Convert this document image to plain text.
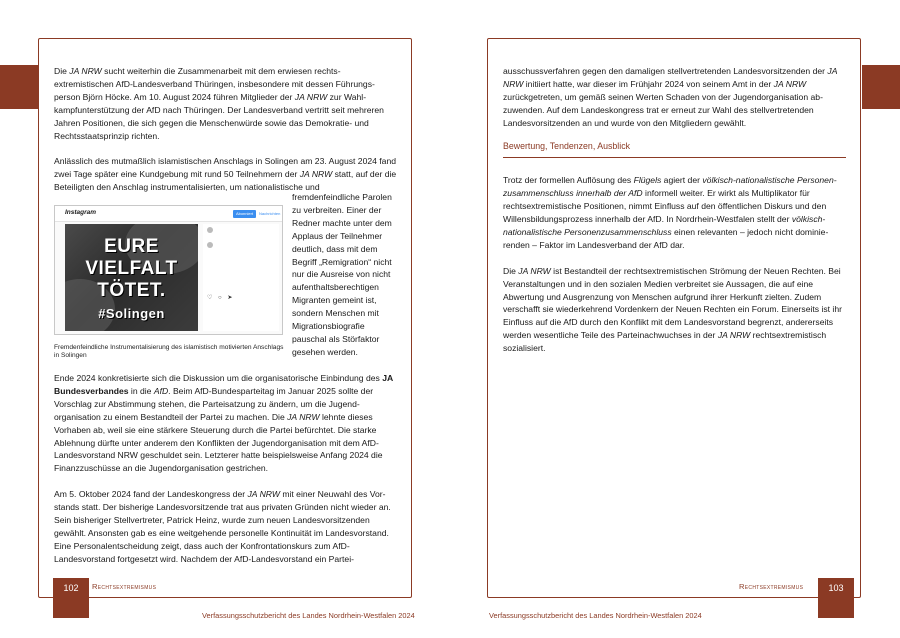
Die JA NRW sucht weiterhin die Zusammenarbeit mit dem erwiesen rechtsextremistischen AfD-Landesverband Thüringen, insbesondere mit dessen Führungsperson Björn Höcke. Am 10. August 2024 führen Mitglieder der JA NRW zur Wahlkampfunterstützung der AfD nach Thüringen. Der Landesverband vertritt seit mehreren Jahren Positionen, die sich gegen die Menschenwürde sowie das Demokratie- und Rechtsstaatsprinzip richten.

Anlässlich des mutmaßlich islamistischen Anschlags in Solingen am 23. August 2024 fand zwei Tage später eine Kundgebung mit rund 50 Teilnehmern der JA NRW statt, auf der die Beteiligten den Anschlag instrumentalisierten, um nationalistische und

fremdenfeindliche Parolen zu verbreiten. Einer der Redner machte unter dem Applaus der Teilnehmer deutlich, dass mit dem Begriff „Remigration“ nicht nur die Ausreise von nicht aufenthaltsberechtigen Migranten gemeint ist, sondern Menschen mit Migrationsbiografie pauschal als Störfaktor gesehen werden.
Instagram	Abonniert	Nachrichten
EURE
VIELFALT
TÖTET.
#Solingen
♡ ○ ➤
Fremdenfeindliche Instrumentalisierung des islamistisch motivierten Anschlags in Solingen

Ende 2024 konkretisierte sich die Diskussion um die organisatorische Einbindung des JA Bundesverbandes in die AfD. Beim AfD-Bundesparteitag im Januar 2025 sollte der Vorschlag zur Abstimmung stehen, die Parteisatzung zu ändern, um die Jugendorganisation zu einem Bestandteil der Partei zu machen. Die JA NRW lehnte dieses Vorhaben ab, weil sie eine stärkere Steuerung durch die Partei befürchtet. Die starke Ablehnung dürfte unter anderem den Konflikten der Jugendorganisation mit dem AfD-Landesvorstand NRW geschuldet sein. Letzterer hatte beispielsweise Anfang 2024 die Finanzzuschüsse an die Jugendorganisation gestrichen.

Am 5. Oktober 2024 fand der Landeskongress der JA NRW mit einer Neuwahl des Vorstands statt. Der bisherige Landesvorsitzende trat aus privaten Gründen nicht wieder an. Sein bisheriger Stellvertreter, Patrick Heinz, wurde zum neuen Landesvorsitzenden gewählt. Ansonsten gab es eine weitgehende personelle Kontinuität im Landesvorstand. Eine Personalentscheidung zeigt, dass auch der Konfrontationskurs zum AfD-Landesvorstand fortgesetzt wird. Nachdem der AfD-Landesvorstand ein Partei-

ausschussverfahren gegen den damaligen stellvertretenden Landesvorsitzenden der JA NRW initiiert hatte, war dieser im Frühjahr 2024 von seinem Amt in der JA NRW zurückgetreten, um gemäß seinen Werten Schaden von der Jugendorganisation abzuwenden. Auf dem Landeskongress trat er erneut zur Wahl des stellvertretenden Landesvorsitzenden an und wurde von den Mitgliedern gewählt.

Bewertung, Tendenzen, Ausblick

Trotz der formellen Auflösung des Flügels agiert der völkisch-nationalistische Personenzusammenschluss innerhalb der AfD informell weiter. Er wirkt als Multiplikator für rechtsextremistische Positionen, nimmt Einfluss auf den öffentlichen Diskurs und den Willensbildungsprozess innerhalb der AfD. In Nordrhein-Westfalen stellt der völkisch-nationalistische Personenzusammenschluss einen relevanten – jedoch nicht dominierenden – Faktor im Landesverband der AfD dar.

Die JA NRW ist Bestandteil der rechtsextremistischen Strömung der Neuen Rechten. Bei Veranstaltungen und in den sozialen Medien verbreitet sie Aussagen, die auf eine Abwertung und Ausgrenzung von Menschen aufgrund ihrer Herkunft zielten. Zudem verschafft sie wiederkehrend Vordenkern der Neuen Rechten ein Forum. Einerseits ist ihr Einfluss auf die AfD durch den Konflikt mit dem Landesvorstand begrenzt, andererseits werden wesentliche Teile des Parteinachwuchses in der JA NRW rechtsextremistisch sozialisiert.

102	Rechtsextremismus
Verfassungsschutzbericht des Landes Nordrhein-Westfalen 2024
103
Rechtsextremismus
Verfassungsschutzbericht des Landes Nordrhein-Westfalen 2024
